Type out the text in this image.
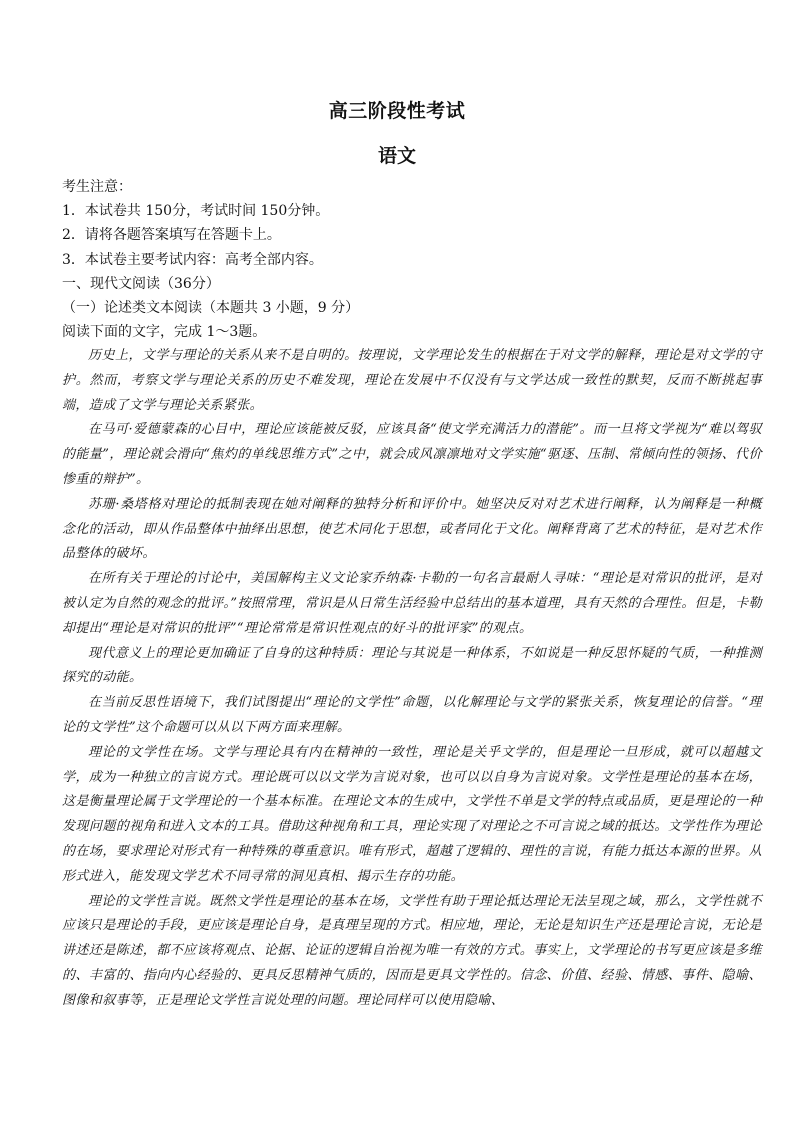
高三阶段性考试
语文
考生注意：
1．本试卷共 150分，考试时间 150分钟。
2．请将各题答案填写在答题卡上。
3．本试卷主要考试内容：高考全部内容。
一、现代文阅读（36分）
（一）论述类文本阅读（本题共 3 小题，9 分）
阅读下面的文字，完成 1～3题。

历史上，文学与理论的关系从来不是自明的。按理说，文学理论发生的根据在于对文学的解释，理论是对文学的守护。然而，考察文学与理论关系的历史不难发现，理论在发展中不仅没有与文学达成一致性的默契，反而不断挑起事端，造成了文学与理论关系紧张。

在马可·爱德蒙森的心目中，理论应该能被反驳，应该具备“使文学充满活力的潜能”。而一旦将文学视为“难以驾驭的能量”，理论就会滑向“焦灼的单线思维方式”之中，就会成风凛凛地对文学实施“驱逐、压制、常倾向性的领扬、代价惨重的辩护”。

苏珊·桑塔格对理论的抵制表现在她对阐释的独特分析和评价中。她坚决反对对艺术进行阐释，认为阐释是一种概念化的活动，即从作品整体中抽绎出思想，使艺术同化于思想，或者同化于文化。阐释背离了艺术的特征，是对艺术作品整体的破坏。

在所有关于理论的讨论中，美国解构主义文论家乔纳森·卡勒的一句名言最耐人寻味：“理论是对常识的批评，是对被认定为自然的观念的批评。”按照常理，常识是从日常生活经验中总结出的基本道理，具有天然的合理性。但是，卡勒却提出“理论是对常识的批评”“理论常常是常识性观点的好斗的批评家”的观点。

现代意义上的理论更加确证了自身的这种特质：理论与其说是一种体系，不如说是一种反思怀疑的气质，一种推测探究的动能。

在当前反思性语境下，我们试图提出“理论的文学性”命题，以化解理论与文学的紧张关系，恢复理论的信誉。“理论的文学性”这个命题可以从以下两方面来理解。

理论的文学性在场。文学与理论具有内在精神的一致性，理论是关乎文学的，但是理论一旦形成，就可以超越文学，成为一种独立的言说方式。理论既可以以文学为言说对象，也可以以自身为言说对象。文学性是理论的基本在场，这是衡量理论属于文学理论的一个基本标准。在理论文本的生成中，文学性不单是文学的特点或品质，更是理论的一种发现问题的视角和进入文本的工具。借助这种视角和工具，理论实现了对理论之不可言说之域的抵达。文学性作为理论的在场，要求理论对形式有一种特殊的尊重意识。唯有形式，超越了逻辑的、理性的言说，有能力抵达本源的世界。从形式进入，能发现文学艺术不同寻常的洞见真相、揭示生存的功能。

理论的文学性言说。既然文学性是理论的基本在场，文学性有助于理论抵达理论无法呈现之域，那么，文学性就不应该只是理论的手段，更应该是理论自身，是真理呈现的方式。相应地，理论，无论是知识生产还是理论言说，无论是讲述还是陈述，都不应该将观点、论据、论证的逻辑自治视为唯一有效的方式。事实上，文学理论的书写更应该是多维的、丰富的、指向内心经验的、更具反思精神气质的，因而是更具文学性的。信念、价值、经验、情感、事件、隐喻、图像和叙事等，正是理论文学性言说处理的问题。理论同样可以使用隐喻、
